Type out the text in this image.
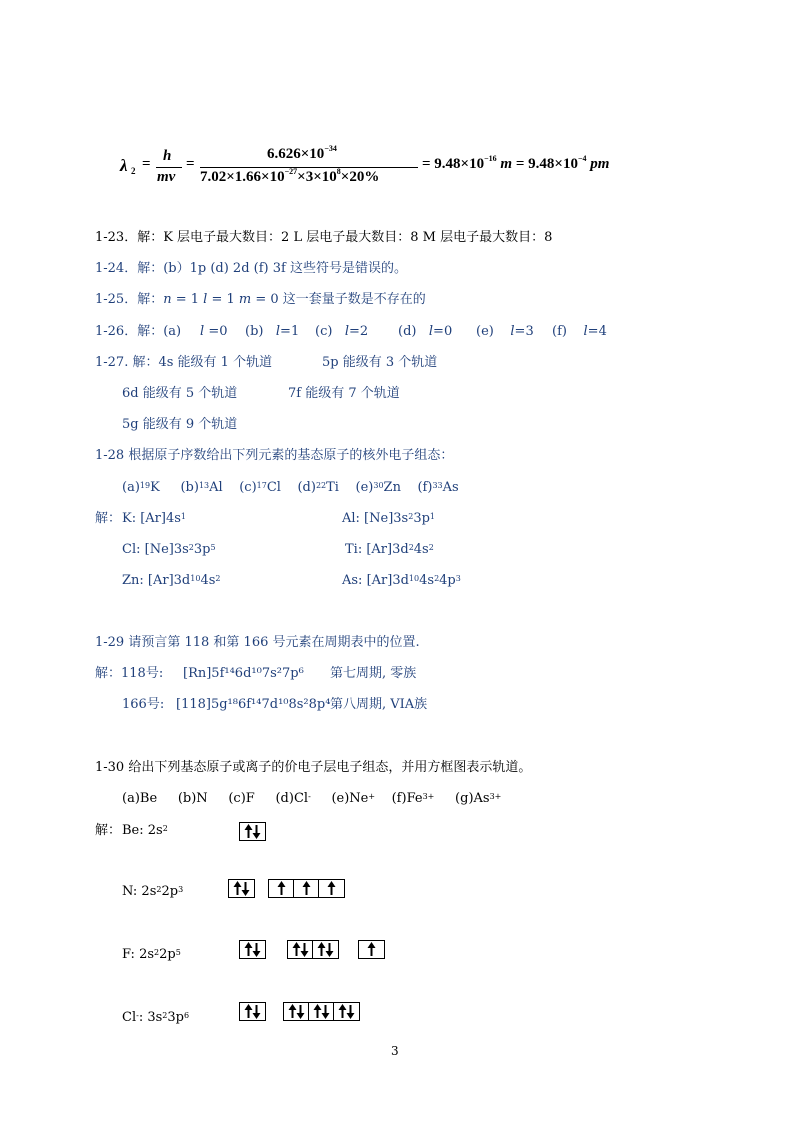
λ 2 = h
mv
=
$6.626\times 10^{-34}$
$7.02\times 1.66\times 10^{-27}\times 3\times 10^8\times 20\%$
= $9.48\times 10^{-16}$ $m = 9.48\times 10^{-4}$ pm
1-23．解：K 层电子最大数目：2 L 层电子最大数目：8 M 层电子最大数目：8
1-24．解：(b）1p (d) 2d (f) 3f 这些符号是错误的。
1-25．解：n = 1 l = 1 m = 0 这一套量子数是不存在的
1-26．解：(a) l =0 (b) l=1 (c) l=2 (d) l=0 (e) l=3 (f) l=4
1-27. 解：4s 能级有 1 个轨道	5p 能级有 3 个轨道
6d 能级有 5 个轨道	7f 能级有 7 个轨道
5g 能级有 9 个轨道
1-28 根据原子序数给出下列元素的基态原子的核外电子组态：
$(a)^{19}K$ $(b)^{13}Al$ $(c)^{17}Cl$ $(d)^{22}Ti$ $(e)^{30}Zn$ $(f)^{33}As$
解： K: $[Ar]4s^1$	Al: $[Ne]3s^23p^1$
Cl: $[Ne]3s^23p^5$	Ti: $[Ar]3d^24s^2$
Zn: $[Ar]3d^{10}4s^2$	As: $[Ar]3d^{10}4s^24p^3$
1-29 请预言第 118 和第 166 号元素在周期表中的位置.
解：118号: [Rn]5f¹⁴6d¹⁰7s²7p⁶ 第七周期, 零族
166号: [118]5g¹⁸6f¹⁴7d¹⁰8s²8p⁴ 第八周期, VIA族
1-30 给出下列基态原子或离子的价电子层电子组态，并用方框图表示轨道。
(a)Be (b)N (c)F (d)Cl- (e)Ne+ $(f)Fe^{3+}$ $(g)As^{3+}$
解： Be: $2s^2$
N: $2s^22p^3$
F: $2s^22p^5$
Cl-: $3s^23p^6$
3
